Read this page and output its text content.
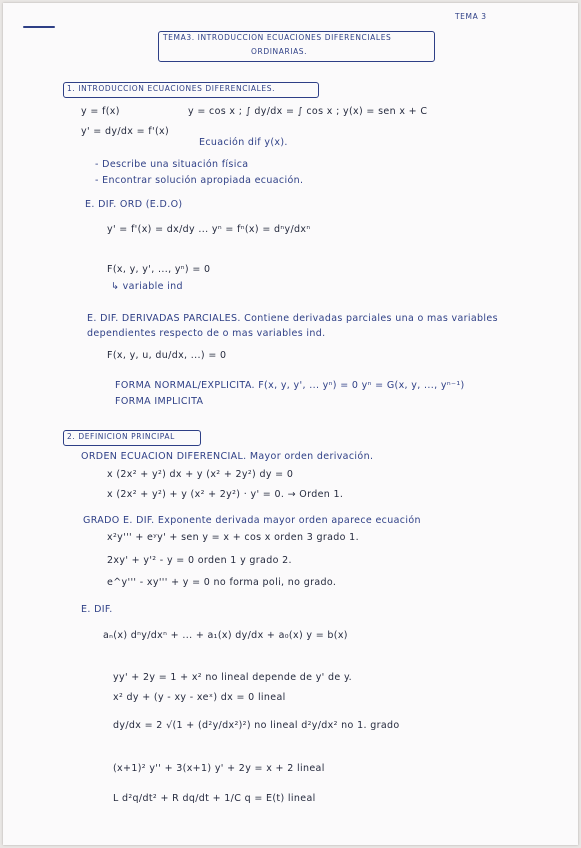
TEMA 3
TEMA3. INTRODUCCION ECUACIONES DIFERENCIALES
ORDINARIAS.
1. INTRODUCCION ECUACIONES DIFERENCIALES.
y = f(x)
y' = dy/dx = f'(x)
y = cos x ; ∫ dy/dx = ∫ cos x ; y(x) = sen x + C
Ecuación dif y(x).
- Describe una situación física
- Encontrar solución apropiada ecuación.
E. DIF. ORD (E.D.O)
y' = f'(x) = dx/dy ... yⁿ = fⁿ(x) = dⁿy/dxⁿ
F(x, y, y', ..., yⁿ) = 0
↳ variable ind
E. DIF. DERIVADAS PARCIALES. Contiene derivadas parciales una o mas variables
dependientes respecto de o mas variables ind.
F(x, y, u, du/dx, ...) = 0
FORMA NORMAL/EXPLICITA. F(x, y, y', ... yⁿ) = 0 yⁿ = G(x, y, ..., yⁿ⁻¹)
FORMA IMPLICITA
2. DEFINICION PRINCIPAL
ORDEN ECUACION DIFERENCIAL. Mayor orden derivación.
x (2x² + y²) dx + y (x² + 2y²) dy = 0
x (2x² + y²) + y (x² + 2y²) · y' = 0. → Orden 1.
GRADO E. DIF. Exponente derivada mayor orden aparece ecuación
x²y''' + eʸy' + sen y = x + cos x orden 3 grado 1.
2xy' + y'² - y = 0 orden 1 y grado 2.
e^y''' - xy''' + y = 0 no forma poli, no grado.
E. DIF.
aₙ(x) dⁿy/dxⁿ + ... + a₁(x) dy/dx + a₀(x) y = b(x)
yy' + 2y = 1 + x² no lineal depende de y' de y.
x² dy + (y - xy - xeˣ) dx = 0 lineal
dy/dx = 2 √(1 + (d²y/dx²)²) no lineal d²y/dx² no 1. grado
(x+1)² y'' + 3(x+1) y' + 2y = x + 2 lineal
L d²q/dt² + R dq/dt + 1/C q = E(t) lineal
